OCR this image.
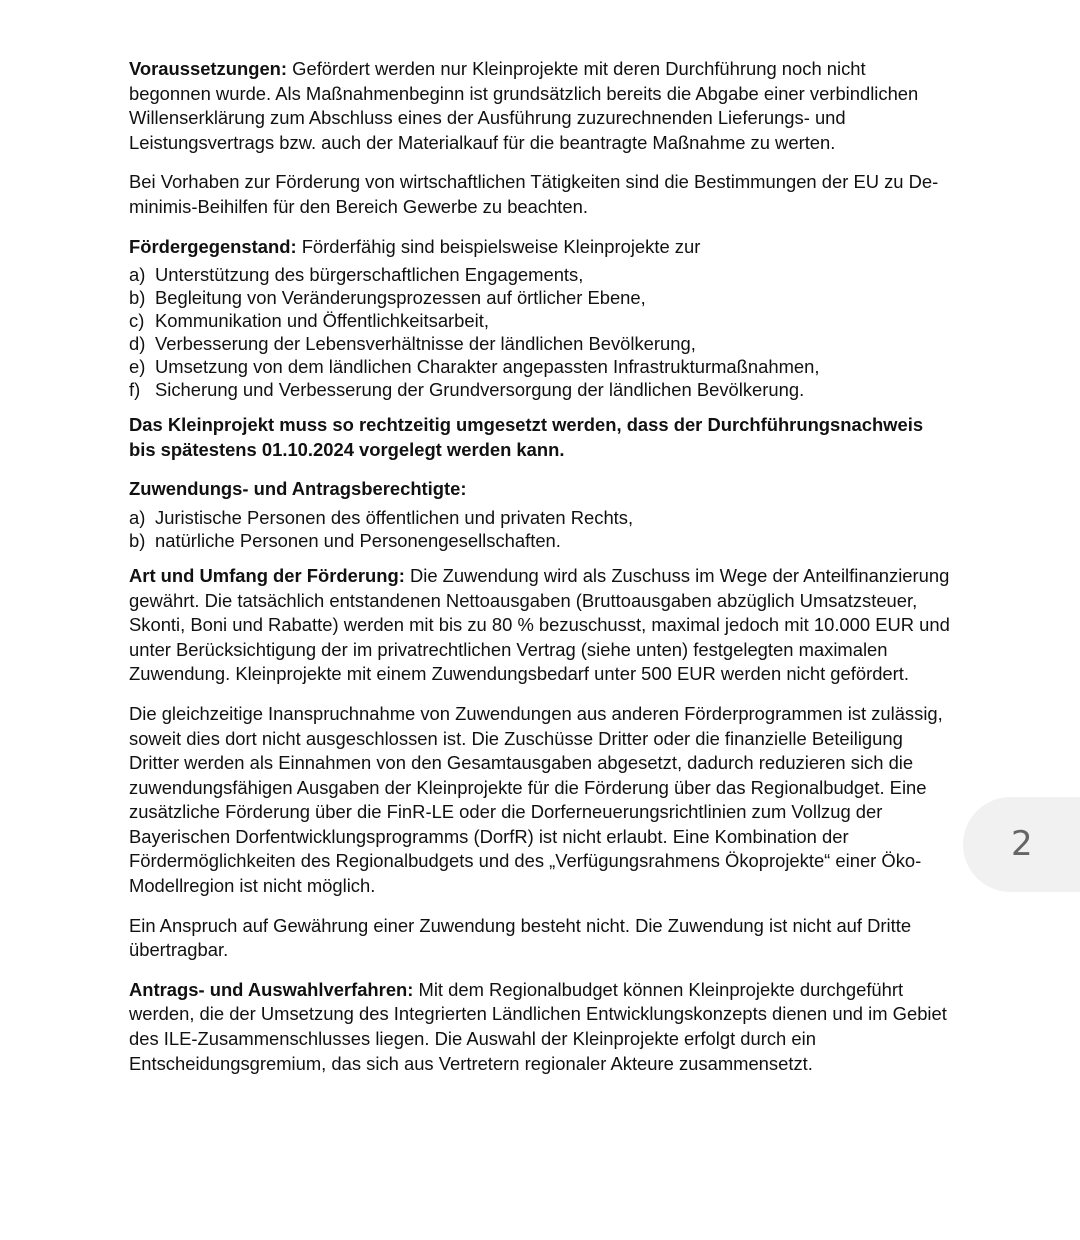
Voraussetzungen: Gefördert werden nur Kleinprojekte mit deren Durchführung noch nicht begonnen wurde. Als Maßnahmenbeginn ist grundsätzlich bereits die Abgabe einer verbindlichen Willenserklärung zum Abschluss eines der Ausführung zuzurechnenden Lieferungs- und Leistungsvertrags bzw. auch der Materialkauf für die beantragte Maßnahme zu werten.

Bei Vorhaben zur Förderung von wirtschaftlichen Tätigkeiten sind die Bestimmungen der EU zu De-minimis-Beihilfen für den Bereich Gewerbe zu beachten.

Fördergegenstand: Förderfähig sind beispielsweise Kleinprojekte zur

a) Unterstützung des bürgerschaftlichen Engagements,
b) Begleitung von Veränderungsprozessen auf örtlicher Ebene,
c) Kommunikation und Öffentlichkeitsarbeit,
d) Verbesserung der Lebensverhältnisse der ländlichen Bevölkerung,
e) Umsetzung von dem ländlichen Charakter angepassten Infrastrukturmaßnahmen,
f) Sicherung und Verbesserung der Grundversorgung der ländlichen Bevölkerung.

Das Kleinprojekt muss so rechtzeitig umgesetzt werden, dass der Durchführungsnachweis bis spätestens 01.10.2024 vorgelegt werden kann.

Zuwendungs- und Antragsberechtigte:

a) Juristische Personen des öffentlichen und privaten Rechts,
b) natürliche Personen und Personengesellschaften.

Art und Umfang der Förderung: Die Zuwendung wird als Zuschuss im Wege der Anteilfinanzierung gewährt. Die tatsächlich entstandenen Nettoausgaben (Bruttoausgaben abzüglich Umsatzsteuer, Skonti, Boni und Rabatte) werden mit bis zu 80 % bezuschusst, maximal jedoch mit 10.000 EUR und unter Berücksichtigung der im privatrechtlichen Vertrag (siehe unten) festgelegten maximalen Zuwendung. Kleinprojekte mit einem Zuwendungsbedarf unter 500 EUR werden nicht gefördert.

Die gleichzeitige Inanspruchnahme von Zuwendungen aus anderen Förderprogrammen ist zulässig, soweit dies dort nicht ausgeschlossen ist. Die Zuschüsse Dritter oder die finanzielle Beteiligung Dritter werden als Einnahmen von den Gesamtausgaben abgesetzt, dadurch reduzieren sich die zuwendungsfähigen Ausgaben der Kleinprojekte für die Förderung über das Regionalbudget. Eine zusätzliche Förderung über die FinR-LE oder die Dorferneuerungsrichtlinien zum Vollzug der Bayerischen Dorfentwicklungsprogramms (DorfR) ist nicht erlaubt. Eine Kombination der Fördermöglichkeiten des Regionalbudgets und des „Verfügungsrahmens Ökoprojekte“ einer Öko-Modellregion ist nicht möglich.

Ein Anspruch auf Gewährung einer Zuwendung besteht nicht. Die Zuwendung ist nicht auf Dritte übertragbar.

Antrags- und Auswahlverfahren: Mit dem Regionalbudget können Kleinprojekte durchgeführt werden, die der Umsetzung des Integrierten Ländlichen Entwicklungskonzepts dienen und im Gebiet des ILE-Zusammenschlusses liegen. Die Auswahl der Kleinprojekte erfolgt durch ein Entscheidungsgremium, das sich aus Vertretern regionaler Akteure zusammensetzt.

2
